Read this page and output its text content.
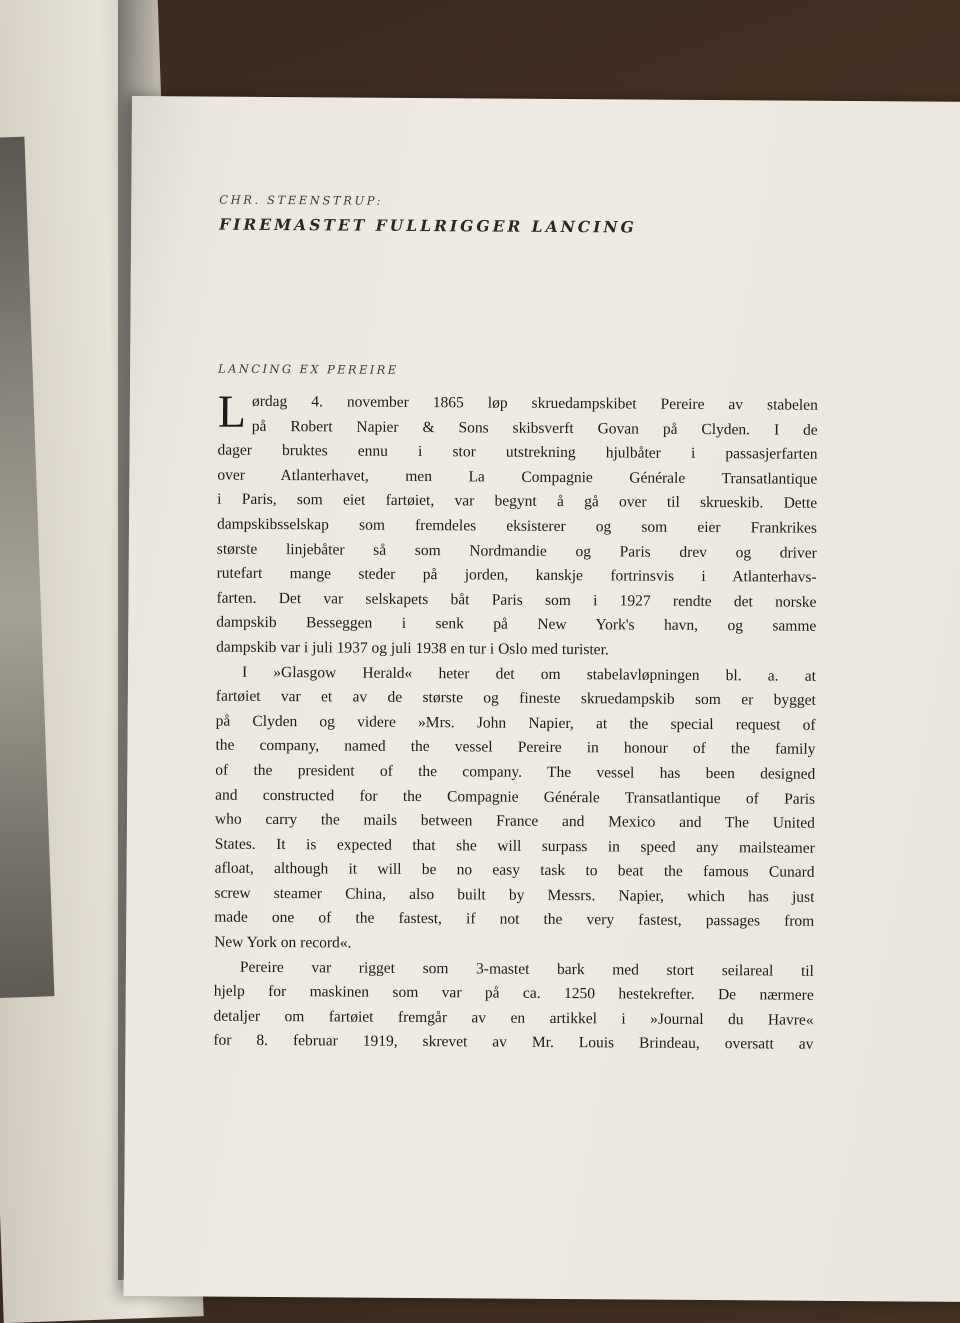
CHR. STEENSTRUP:

FIREMASTET FULLRIGGER LANCING

LANCING EX PEREIRE

L ørdag 4. november 1865 løp skruedampskibet Pereire av stabelen
på Robert Napier & Sons skibsverft Govan på Clyden. I de
dager bruktes ennu i stor utstrekning hjulbåter i passasjerfarten
over Atlanterhavet, men La Compagnie Générale Transatlantique
i Paris, som eiet fartøiet, var begynt å gå over til skrueskib. Dette
dampskibsselskap som fremdeles eksisterer og som eier Frankrikes
største linjebåter så som Nordmandie og Paris drev og driver
rutefart mange steder på jorden, kanskje fortrinsvis i Atlanterhavs-
farten. Det var selskapets båt Paris som i 1927 rendte det norske
dampskib Besseggen i senk på New York's havn, og samme
dampskib var i juli 1937 og juli 1938 en tur i Oslo med turister.
I »Glasgow Herald« heter det om stabelavløpningen bl. a. at
fartøiet var et av de største og fineste skruedampskib som er bygget
på Clyden og videre »Mrs. John Napier, at the special request of
the company, named the vessel Pereire in honour of the family
of the president of the company. The vessel has been designed
and constructed for the Compagnie Générale Transatlantique of Paris
who carry the mails between France and Mexico and The United
States. It is expected that she will surpass in speed any mailsteamer
afloat, although it will be no easy task to beat the famous Cunard
screw steamer China, also built by Messrs. Napier, which has just
made one of the fastest, if not the very fastest, passages from
New York on record«.
Pereire var rigget som 3-mastet bark med stort seilareal til
hjelp for maskinen som var på ca. 1250 hestekrefter. De nærmere
detaljer om fartøiet fremgår av en artikkel i »Journal du Havre«
for 8. februar 1919, skrevet av Mr. Louis Brindeau, oversatt av
